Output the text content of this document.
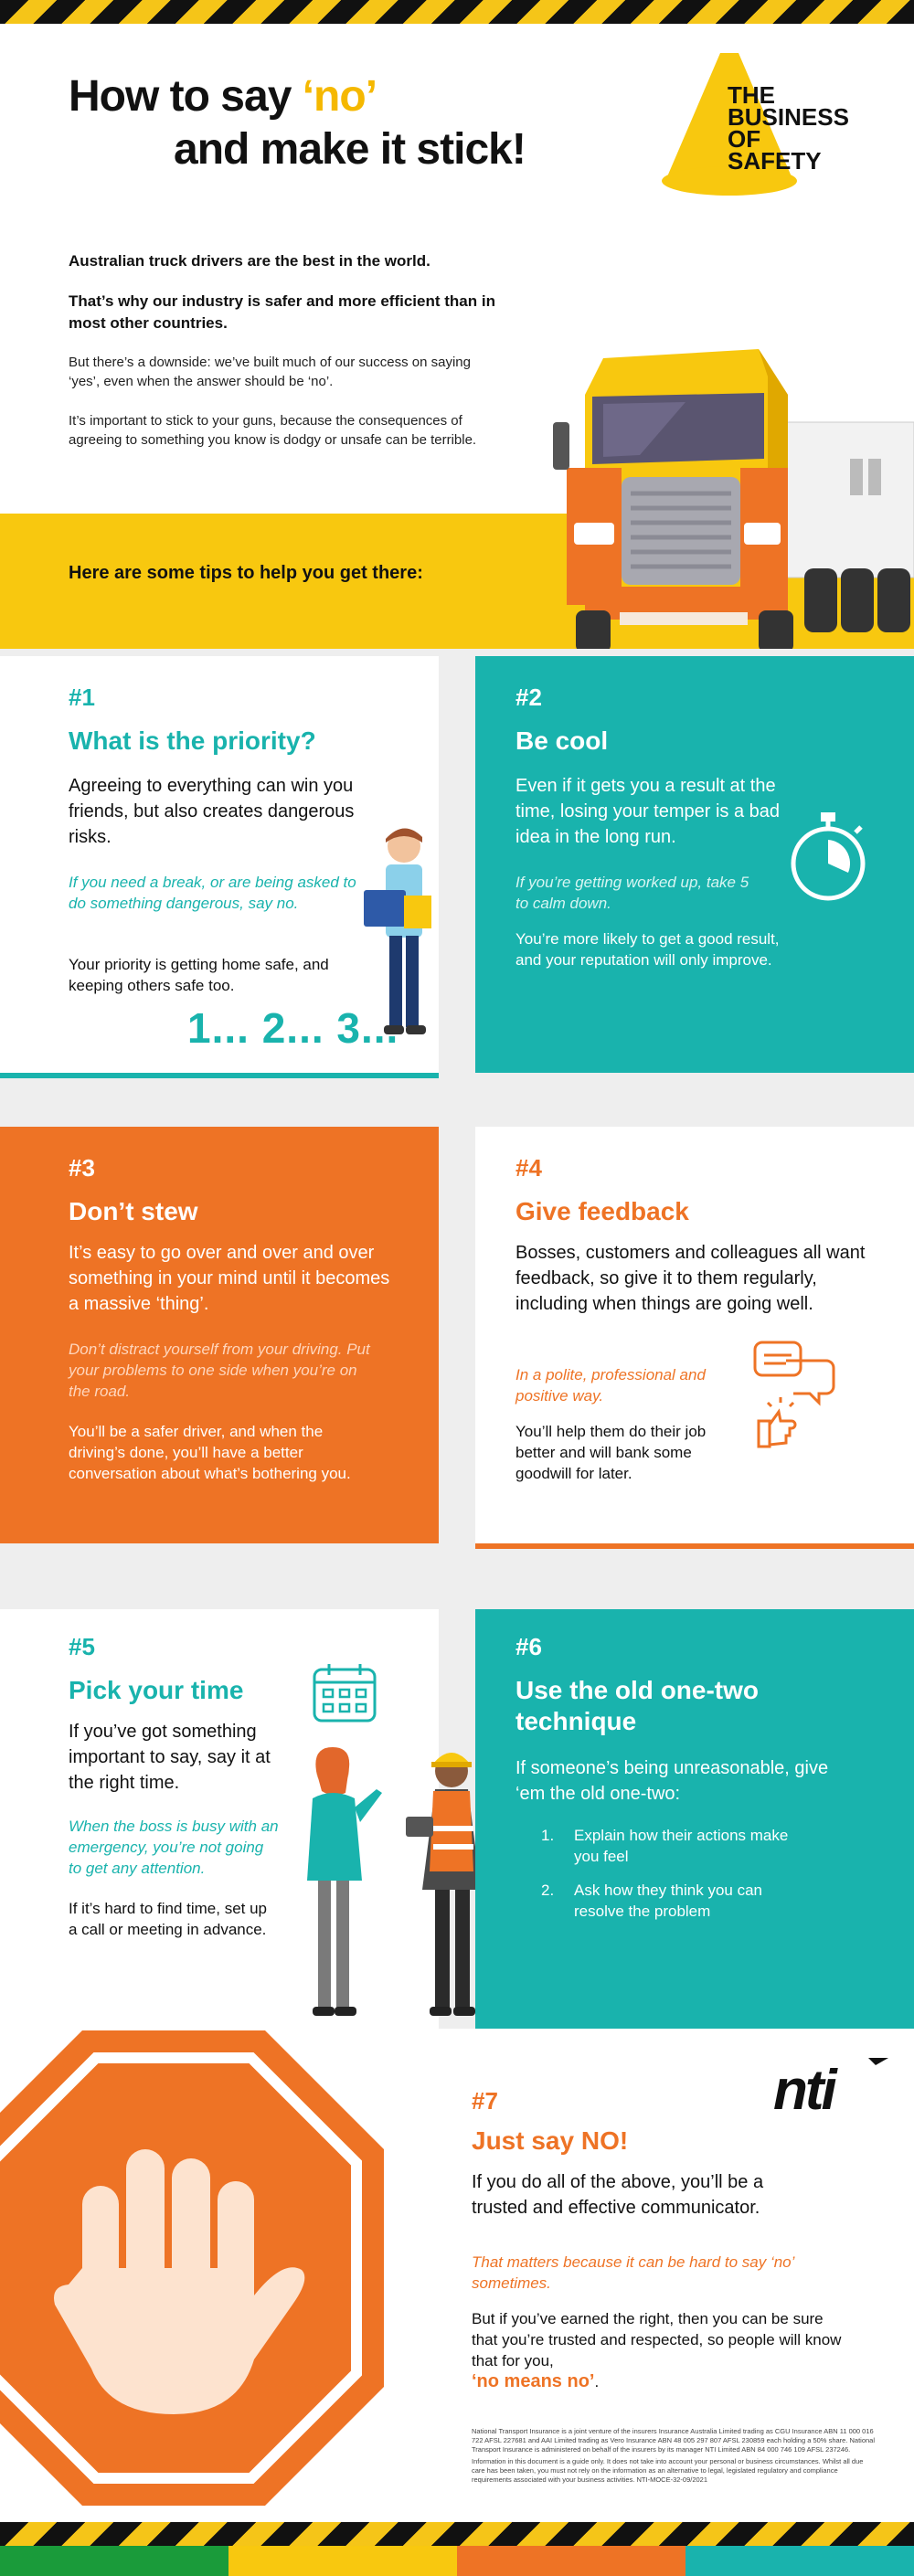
How to say ‘no’
and make it stick!
THE
BUSINESS
OF
SAFETY
Australian truck drivers are the best in the world.
That’s why our industry is safer and more efficient than in most other countries.
But there’s a downside: we’ve built much of our success on saying ‘yes’, even when the answer should be ‘no’.
It’s important to stick to your guns, because the consequences of agreeing to something you know is dodgy or unsafe can be terrible.
Here are some tips to help you get there:
#1
What is the priority?
Agreeing to everything can win you friends, but also creates dangerous risks.
If you need a break, or are being asked to do something dangerous, say no.
Your priority is getting home safe, and keeping others safe too.
1... 2... 3...
#2
Be cool
Even if it gets you a result at the time, losing your temper is a bad idea in the long run.
If you’re getting worked up, take 5 to calm down.
You’re more likely to get a good result, and your reputation will only improve.
#3
Don’t stew
It’s easy to go over and over and over something in your mind until it becomes a massive ‘thing’.
Don’t distract yourself from your driving. Put your problems to one side when you’re on the road.
You’ll be a safer driver, and when the driving’s done, you’ll have a better conversation about what’s bothering you.
#4
Give feedback
Bosses, customers and colleagues all want feedback, so give it to them regularly, including when things are going well.
In a polite, professional and positive way.
You’ll help them do their job better and will bank some goodwill for later.
#5
Pick your time
If you’ve got something important to say, say it at the right time.
When the boss is busy with an emergency, you’re not going to get any attention.
If it’s hard to find time, set up a call or meeting in advance.
#6
Use the old one-two technique
If someone’s being unreasonable, give ‘em the old one-two:
1.	Explain how their actions make you feel
2.	Ask how they think you can resolve the problem
nti
#7
Just say NO!
If you do all of the above, you’ll be a trusted and effective communicator.
That matters because it can be hard to say ‘no’ sometimes.
But if you’ve earned the right, then you can be sure that you’re trusted and respected, so people will know that for you,
‘no means no’.

National Transport Insurance is a joint venture of the insurers Insurance Australia Limited trading as CGU Insurance ABN 11 000 016 722 AFSL 227681 and AAI Limited trading as Vero Insurance ABN 48 005 297 807 AFSL 230859 each holding a 50% share. National Transport Insurance is administered on behalf of the insurers by its manager NTI Limited ABN 84 000 746 109 AFSL 237246.

Information in this document is a guide only. It does not take into account your personal or business circumstances. Whilst all due care has been taken, you must not rely on the information as an alternative to legal, legislated regulatory and compliance requirements associated with your business activities. NTI-MOCE-32-09/2021
